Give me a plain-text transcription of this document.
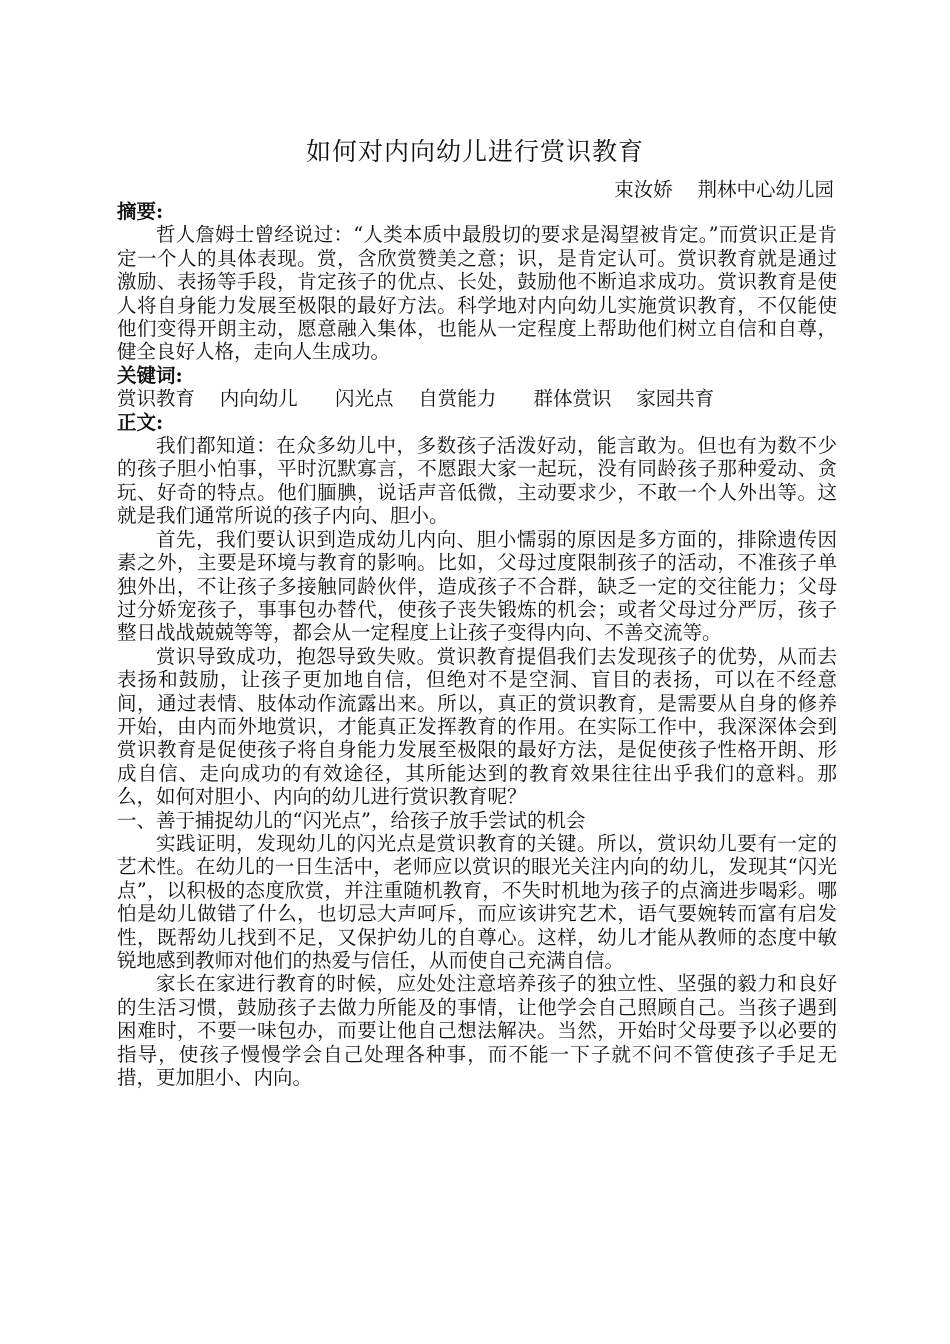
如何对内向幼儿进行赏识教育
束汝娇    荆林中心幼儿园

摘要:

哲人詹姆士曾经说过：“人类本质中最殷切的要求是渴望被肯定。”而赏识正是肯定一个人的具体表现。赏，含欣赏赞美之意；识，是肯定认可。赏识教育就是通过激励、表扬等手段，肯定孩子的优点、长处，鼓励他不断追求成功。赏识教育是使人将自身能力发展至极限的最好方法。科学地对内向幼儿实施赏识教育，不仅能使他们变得开朗主动，愿意融入集体，也能从一定程度上帮助他们树立自信和自尊，健全良好人格，走向人生成功。

关键词:

赏识教育    内向幼儿      闪光点    自赏能力      群体赏识    家园共育

正文:

我们都知道：在众多幼儿中，多数孩子活泼好动，能言敢为。但也有为数不少的孩子胆小怕事，平时沉默寡言，不愿跟大家一起玩，没有同龄孩子那种爱动、贪玩、好奇的特点。他们腼腆，说话声音低微，主动要求少，不敢一个人外出等。这就是我们通常所说的孩子内向、胆小。

首先，我们要认识到造成幼儿内向、胆小懦弱的原因是多方面的，排除遗传因素之外，主要是环境与教育的影响。比如，父母过度限制孩子的活动，不准孩子单独外出，不让孩子多接触同龄伙伴，造成孩子不合群，缺乏一定的交往能力；父母过分娇宠孩子，事事包办替代，使孩子丧失锻炼的机会；或者父母过分严厉，孩子整日战战兢兢等等，都会从一定程度上让孩子变得内向、不善交流等。

赏识导致成功，抱怨导致失败。赏识教育提倡我们去发现孩子的优势，从而去表扬和鼓励，让孩子更加地自信，但绝对不是空洞、盲目的表扬，可以在不经意间，通过表情、肢体动作流露出来。所以，真正的赏识教育，是需要从自身的修养开始，由内而外地赏识，才能真正发挥教育的作用。在实际工作中，我深深体会到赏识教育是促使孩子将自身能力发展至极限的最好方法，是促使孩子性格开朗、形成自信、走向成功的有效途径，其所能达到的教育效果往往出乎我们的意料。那么，如何对胆小、内向的幼儿进行赏识教育呢？

一、善于捕捉幼儿的“闪光点”，给孩子放手尝试的机会

实践证明，发现幼儿的闪光点是赏识教育的关键。所以，赏识幼儿要有一定的艺术性。在幼儿的一日生活中，老师应以赏识的眼光关注内向的幼儿，发现其“闪光点”，以积极的态度欣赏，并注重随机教育，不失时机地为孩子的点滴进步喝彩。哪怕是幼儿做错了什么，也切忌大声呵斥，而应该讲究艺术，语气要婉转而富有启发性，既帮幼儿找到不足，又保护幼儿的自尊心。这样，幼儿才能从教师的态度中敏锐地感到教师对他们的热爱与信任，从而使自己充满自信。

家长在家进行教育的时候，应处处注意培养孩子的独立性、坚强的毅力和良好的生活习惯，鼓励孩子去做力所能及的事情，让他学会自己照顾自己。当孩子遇到困难时，不要一味包办，而要让他自己想法解决。当然，开始时父母要予以必要的指导，使孩子慢慢学会自己处理各种事，而不能一下子就不问不管使孩子手足无措，更加胆小、内向。
